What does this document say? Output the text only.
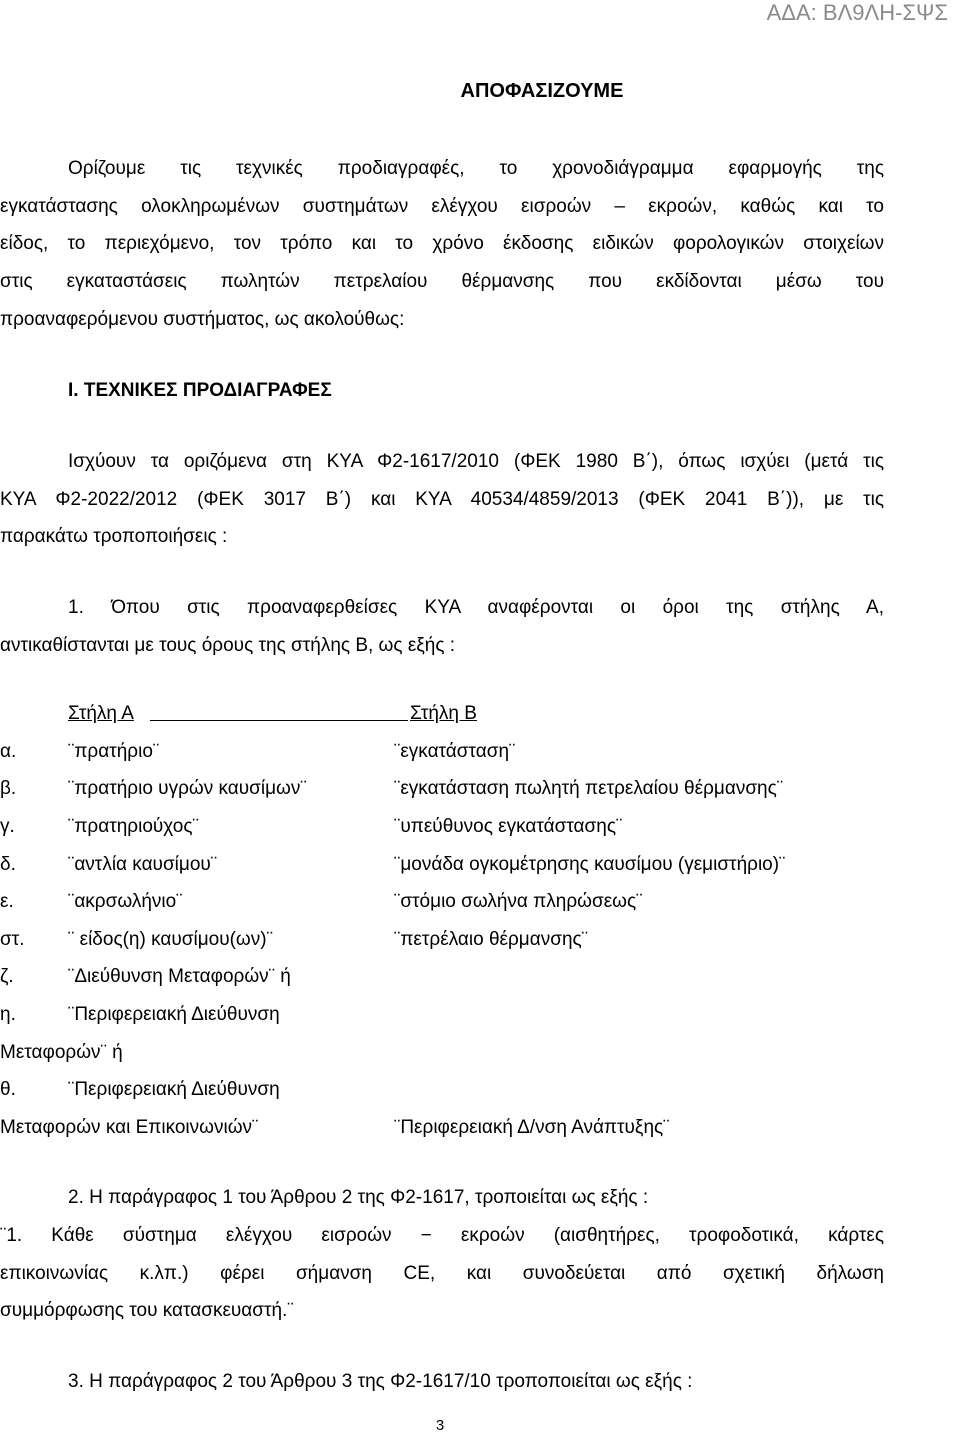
ΑΔΑ: ΒΛ9ΛΗ-ΣΨΣ
ΑΠΟΦΑΣΙΖΟΥΜΕ
Ορίζουμε τις τεχνικές προδιαγραφές, το χρονοδιάγραμμα εφαρμογής της
εγκατάστασης ολοκληρωμένων συστημάτων ελέγχου εισροών – εκροών, καθώς και το
είδος, το περιεχόμενο, τον τρόπο και το χρόνο έκδοσης ειδικών φορολογικών στοιχείων
στις εγκαταστάσεις πωλητών πετρελαίου θέρμανσης που εκδίδονται μέσω του
προαναφερόμενου συστήματος, ως ακολούθως:
Ι. ΤΕΧΝΙΚΕΣ ΠΡΟΔΙΑΓΡΑΦΕΣ
Ισχύουν τα οριζόμενα στη ΚΥΑ Φ2-1617/2010 (ΦΕΚ 1980 Β΄), όπως ισχύει (μετά τις
ΚΥΑ Φ2-2022/2012 (ΦΕΚ 3017 Β΄) και ΚΥΑ 40534/4859/2013 (ΦΕΚ 2041 Β΄)), με τις
παρακάτω τροποποιήσεις :
1. Όπου στις προαναφερθείσες ΚΥΑ αναφέρονται οι όροι της στήλης Α,
αντικαθίστανται με τους όρους της στήλης Β, ως εξής :
Στήλη Α	Στήλη Β
α.	¨πρατήριο¨	¨εγκατάσταση¨
β.	¨πρατήριο υγρών καυσίμων¨	¨εγκατάσταση πωλητή πετρελαίου θέρμανσης¨
γ.	¨πρατηριούχος¨	¨υπεύθυνος εγκατάστασης¨
δ.	¨αντλία καυσίμου¨	¨μονάδα ογκομέτρησης καυσίμου (γεμιστήριο)¨
ε.	¨ακρσωλήνιο¨	¨στόμιο σωλήνα πληρώσεως¨
στ. ¨ είδος(η) καυσίμου(ων)¨	¨πετρέλαιο θέρμανσης¨
ζ.	¨Διεύθυνση Μεταφορών¨ ή
η.	¨Περιφερειακή Διεύθυνση
Μεταφορών¨ ή
θ.	¨Περιφερειακή Διεύθυνση
Μεταφορών και Επικοινωνιών¨	¨Περιφερειακή Δ/νση Ανάπτυξης¨
2. Η παράγραφος 1 του Άρθρου 2 της Φ2-1617, τροποιείται ως εξής :
¨1. Κάθε σύστημα ελέγχου εισροών − εκροών (αισθητήρες, τροφοδοτικά, κάρτες
επικοινωνίας κ.λπ.) φέρει σήμανση CE, και συνοδεύεται από σχετική δήλωση
συμμόρφωσης του κατασκευαστή.¨
3. Η παράγραφος 2 του Άρθρου 3 της Φ2-1617/10 τροποποιείται ως εξής :
3
